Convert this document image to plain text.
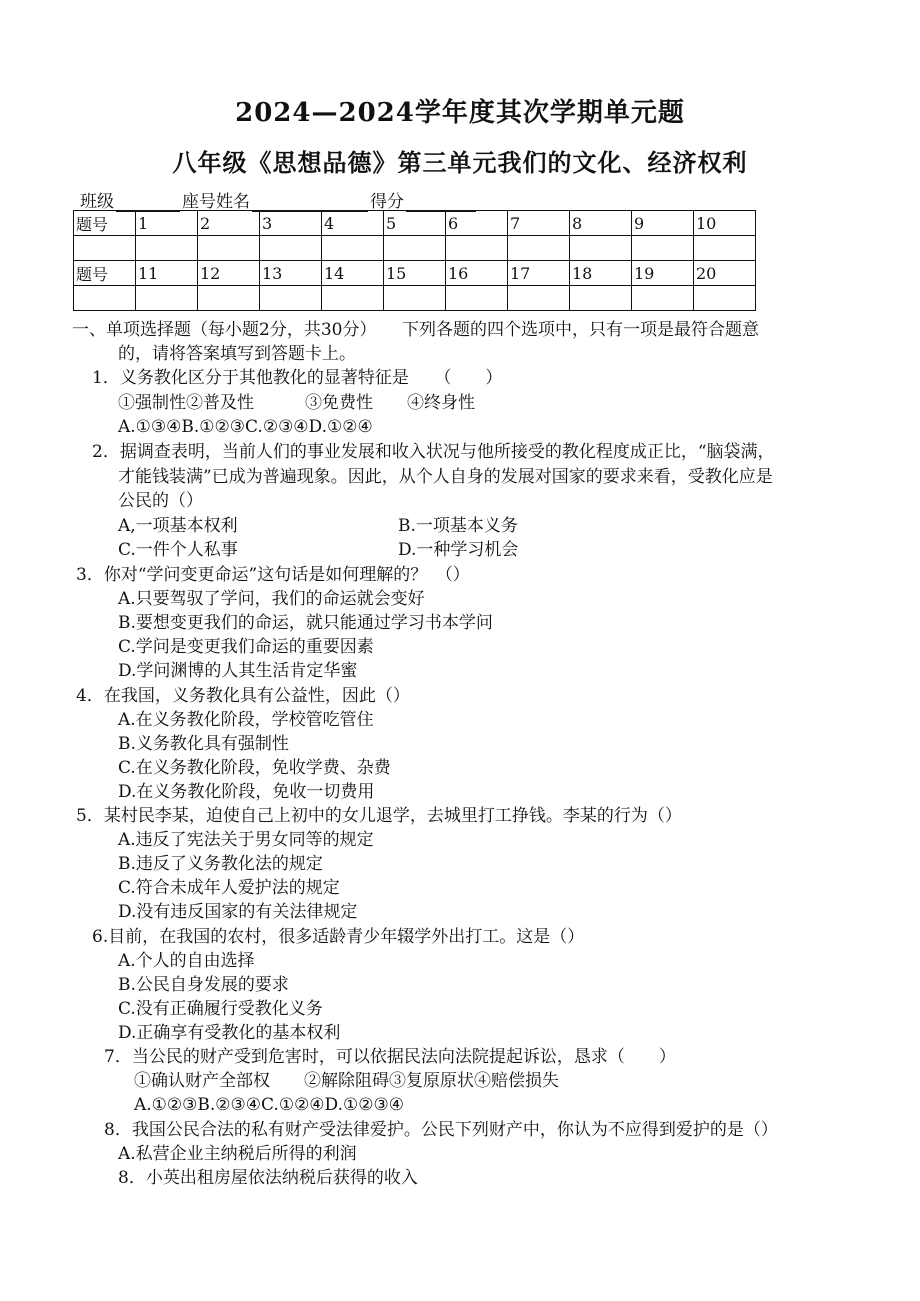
2024—2024学年度其次学期单元题
八年级《思想品德》第三单元我们的文化、经济权利
班级	座号姓名	得分
题号	1	2	3	4	5	6	7	8	9	10

题号	11	12	13	14	15	16	17	18	19	20

一、单项选择题（每小题2分，共30分）　　下列各题的四个选项中，只有一项是最符合题意
的，请将答案填写到答题卡上。
1．义务教化区分于其他教化的显著特征是　　（　　）
①强制性②普及性　　　③免费性　　④终身性
A.①③④B.①②③C.②③④D.①②④
2．据调查表明，当前人们的事业发展和收入状况与他所接受的教化程度成正比，“脑袋满，
才能钱装满”已成为普遍现象。因此，从个人自身的发展对国家的要求来看，受教化应是
公民的（）
A,一项基本权利	B.一项基本义务
C.一件个人私事	D.一种学习机会
3．你对“学问变更命运”这句话是如何理解的？　（）
A.只要驾驭了学问，我们的命运就会变好
B.要想变更我们的命运，就只能通过学习书本学问
C.学问是变更我们命运的重要因素
D.学问渊博的人其生活肯定华蜜
4．在我国，义务教化具有公益性，因此（）
A.在义务教化阶段，学校管吃管住
B.义务教化具有强制性
C.在义务教化阶段，免收学费、杂费
D.在义务教化阶段，免收一切费用
5．某村民李某，迫使自己上初中的女儿退学，去城里打工挣钱。李某的行为（）
A.违反了宪法关于男女同等的规定
B.违反了义务教化法的规定
C.符合未成年人爱护法的规定
D.没有违反国家的有关法律规定
6.目前，在我国的农村，很多适龄青少年辍学外出打工。这是（）
A.个人的自由选择
B.公民自身发展的要求
C.没有正确履行受教化义务
D.正确享有受教化的基本权利
7．当公民的财产受到危害时，可以依据民法向法院提起诉讼，恳求（　　）
①确认财产全部权　　②解除阻碍③复原原状④赔偿损失
A.①②③B.②③④C.①②④D.①②③④
8．我国公民合法的私有财产受法律爱护。公民下列财产中，你认为不应得到爱护的是（）
A.私营企业主纳税后所得的利润
8．小英出租房屋依法纳税后获得的收入
